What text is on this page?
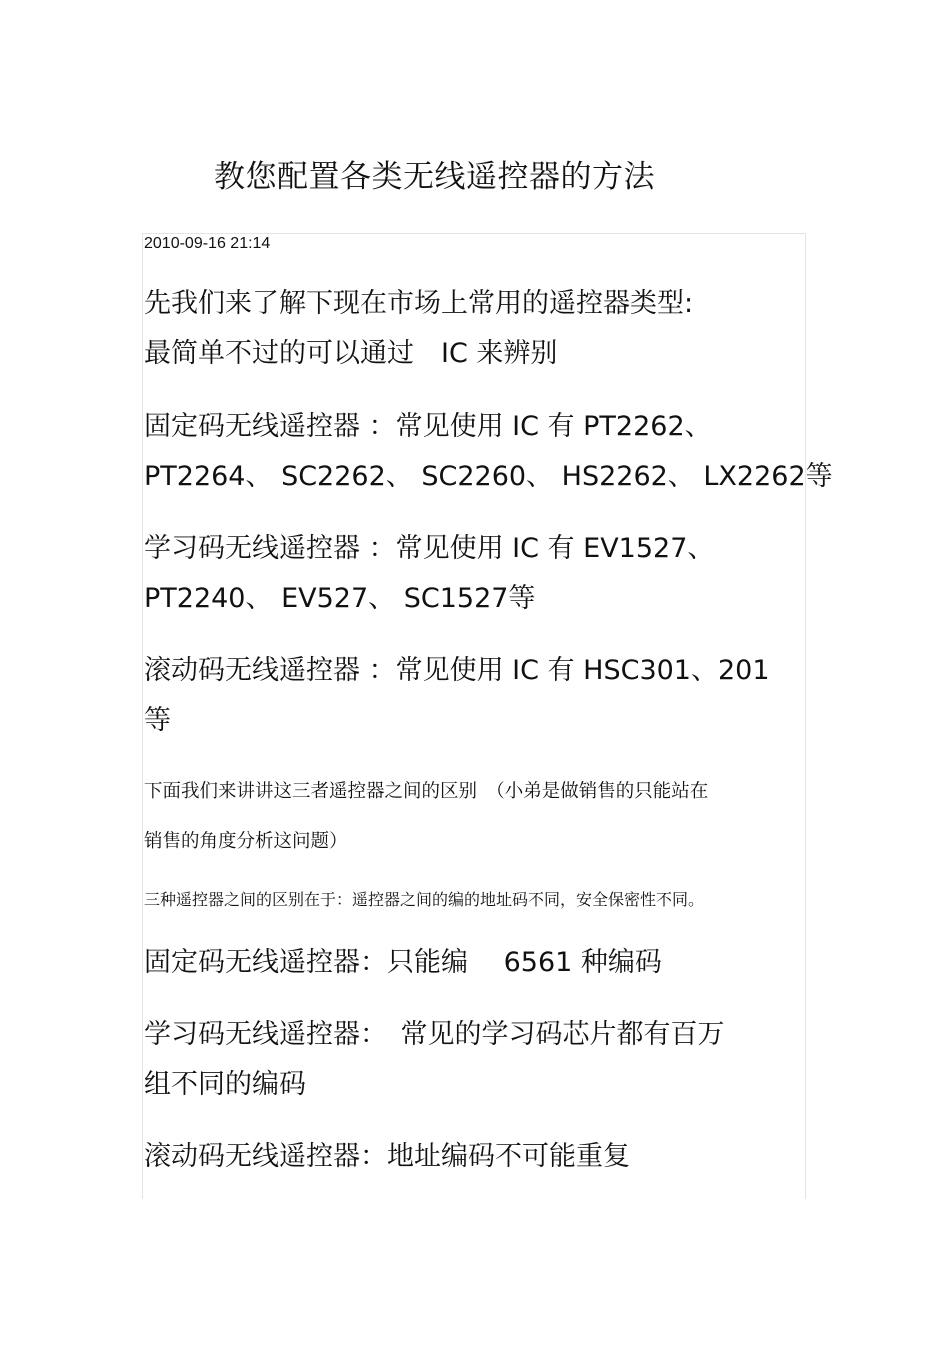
教您配置各类无线遥控器的方法
2010-09-16 21:14
先我们来了解下现在市场上常用的遥控器类型:
最简单不过的可以通过　IC 来辨别
固定码无线遥控器 ：常见使用 IC 有 PT2262、
PT2264、 SC2262、 SC2260、 HS2262、 LX2262等
学习码无线遥控器 ：常见使用 IC 有 EV1527、
PT2240、 EV527、 SC1527等
滚动码无线遥控器 ：常见使用 IC 有 HSC301、201
等
下面我们来讲讲这三者遥控器之间的区别　（小弟是做销售的只能站在
销售的角度分析这问题）
三种遥控器之间的区别在于：遥控器之间的编的地址码不同，安全保密性不同。
固定码无线遥控器：只能编　 6561 种编码
学习码无线遥控器：　常见的学习码芯片都有百万
组不同的编码
滚动码无线遥控器：地址编码不可能重复
